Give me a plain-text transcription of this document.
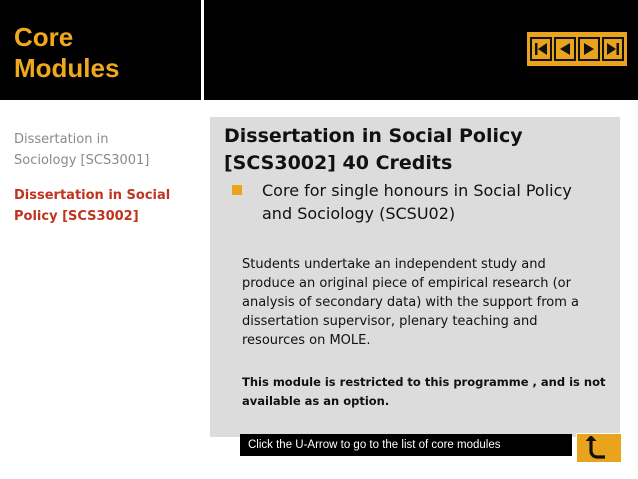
Core
Modules
Dissertation in
Sociology [SCS3001]
Dissertation in Social
Policy [SCS3002]
Dissertation in Social Policy
[SCS3002] 40 Credits
Core for single honours in Social Policy
and Sociology (SCSU02)
Students undertake an independent study and
produce an original piece of empirical research (or
analysis of secondary data) with the support from a
dissertation supervisor, plenary teaching and
resources on MOLE.
This module is restricted to this programme , and is not
available as an option.
Click the U-Arrow to go to the list of core modules
